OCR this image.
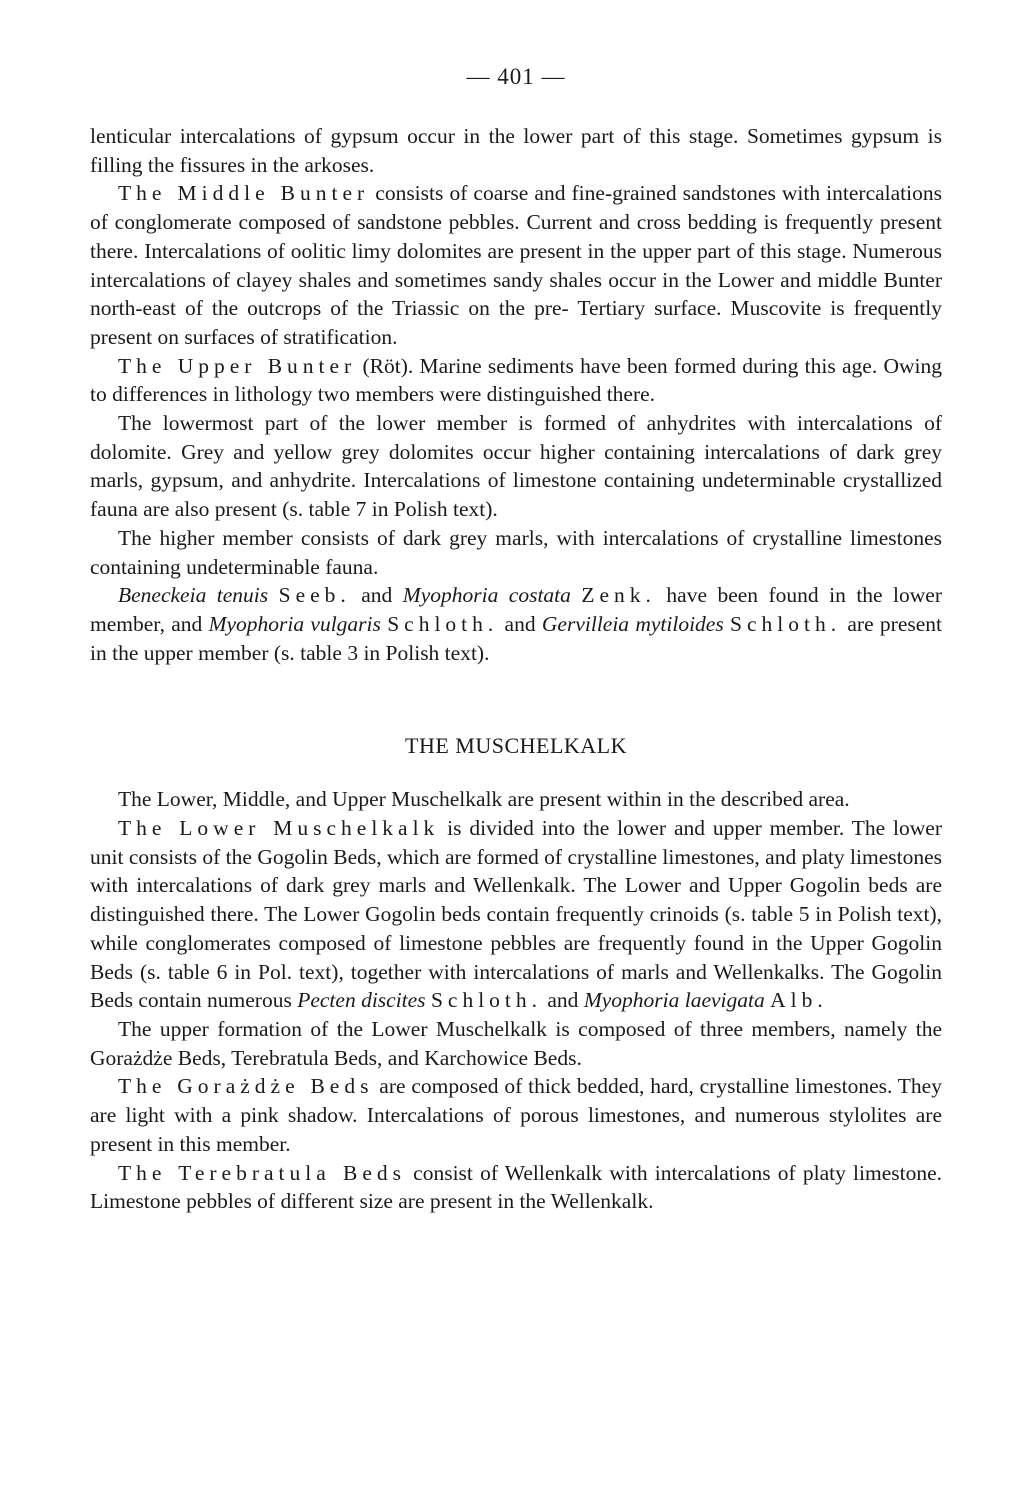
— 401 —

lenticular intercalations of gypsum occur in the lower part of this stage. Sometimes gypsum is filling the fissures in the arkoses.

The Middle Bunter consists of coarse and fine-grained sandstones with intercalations of conglomerate composed of sandstone pebbles. Current and cross bedding is frequently present there. Intercalations of oolitic limy dolomites are present in the upper part of this stage. Numerous intercalations of clayey shales and sometimes sandy shales occur in the Lower and middle Bunter north-east of the outcrops of the Triassic on the pre- Tertiary surface. Muscovite is frequently present on surfaces of stratification.

The Upper Bunter (Röt). Marine sediments have been formed during this age. Owing to differences in lithology two members were distinguished there.

The lowermost part of the lower member is formed of anhydrites with intercalations of dolomite. Grey and yellow grey dolomites occur higher containing intercalations of dark grey marls, gypsum, and anhydrite. Intercalations of limestone containing undeterminable crystallized fauna are also present (s. table 7 in Polish text).

The higher member consists of dark grey marls, with intercalations of crystalline limestones containing undeterminable fauna.

Beneckeia tenuis Seeb. and Myophoria costata Zenk. have been found in the lower member, and Myophoria vulgaris Schloth. and Gervilleia mytiloides Schloth. are present in the upper member (s. table 3 in Polish text).

THE MUSCHELKALK

The Lower, Middle, and Upper Muschelkalk are present within in the described area.

The Lower Muschelkalk is divided into the lower and upper member. The lower unit consists of the Gogolin Beds, which are formed of crystalline limestones, and platy limestones with intercalations of dark grey marls and Wellenkalk. The Lower and Upper Gogolin beds are distinguished there. The Lower Gogolin beds contain frequently crinoids (s. table 5 in Polish text), while conglomerates composed of limestone pebbles are frequently found in the Upper Gogolin Beds (s. table 6 in Pol. text), together with intercalations of marls and Wellenkalks. The Gogolin Beds contain numerous Pecten discites Schloth. and Myophoria laevigata Alb.

The upper formation of the Lower Muschelkalk is composed of three members, namely the Gorażdże Beds, Terebratula Beds, and Karchowice Beds.

The Gorażdże Beds are composed of thick bedded, hard, crystalline limestones. They are light with a pink shadow. Intercalations of porous limestones, and numerous stylolites are present in this member.

The Terebratula Beds consist of Wellenkalk with intercalations of platy limestone. Limestone pebbles of different size are present in the Wellenkalk.
